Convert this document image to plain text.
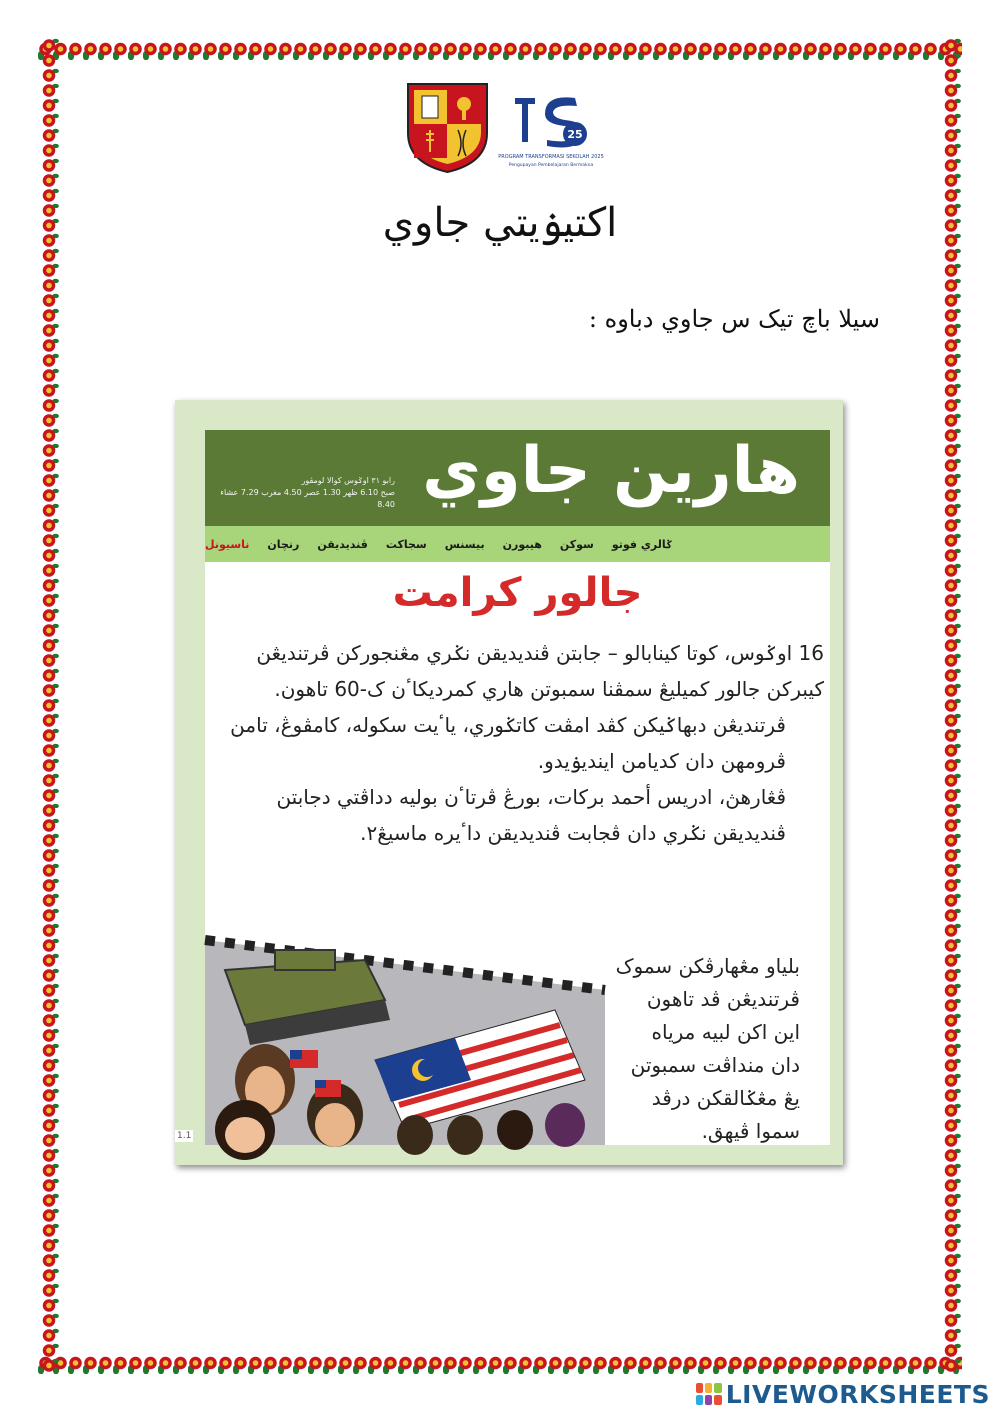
25
PROGRAM TRANSFORMASI SEKOLAH 2025
Pengupayan Pembelajaran Bermakna
اکتيۏيتي جاوي
سيلا باچ تيک س جاوي دباوه :
هارين جاوي
رابو ٣١ اوݢوس کوالا لومڤور
صبح 6.10 ظهر 1.30 عصر 4.50 مغرب 7.29 عشاء 8.40
ناسيونل رنچان ڤنديديقن سجاکت بيسنس هيبورن سوکن ݢالري فوتو
جالور کرامت

16 اوݢوس، کوتا کينابالو – جابتن ڤنديديقن نݢري مڠنجورکن ڤرتنديڠن کيبرکن جالور کميليڠ سمڤنا سمبوتن هاري کمرديکاٴن ک-60 تاهون.

ڤرتنديڠن دبهاݢيکن کڤد امڤت کاتݢوري، ياٴيت سکوله، کامڤوڠ، تامن ڤرومهن دان کديامن اينديۏيدو.

ڤڠارهڽ، ادريس أحمد برکات، بورڠ ڤرتاٴن بوليه دداڤتي دجابتن ڤنديديقن نݢري دان ڤجابت ڤنديديقن داٴيره ماسيڠ٢.

بلياو مڠهارڤکن سموک

ڤرتنديڠن ڤد تاهون

اين اکن لبيه مرياه

دان منداڤت سمبوتن

يڠ مڠݢالقکن درڤد

سموا ڤيهق.

1.1
LIVEWORKSHEETS
